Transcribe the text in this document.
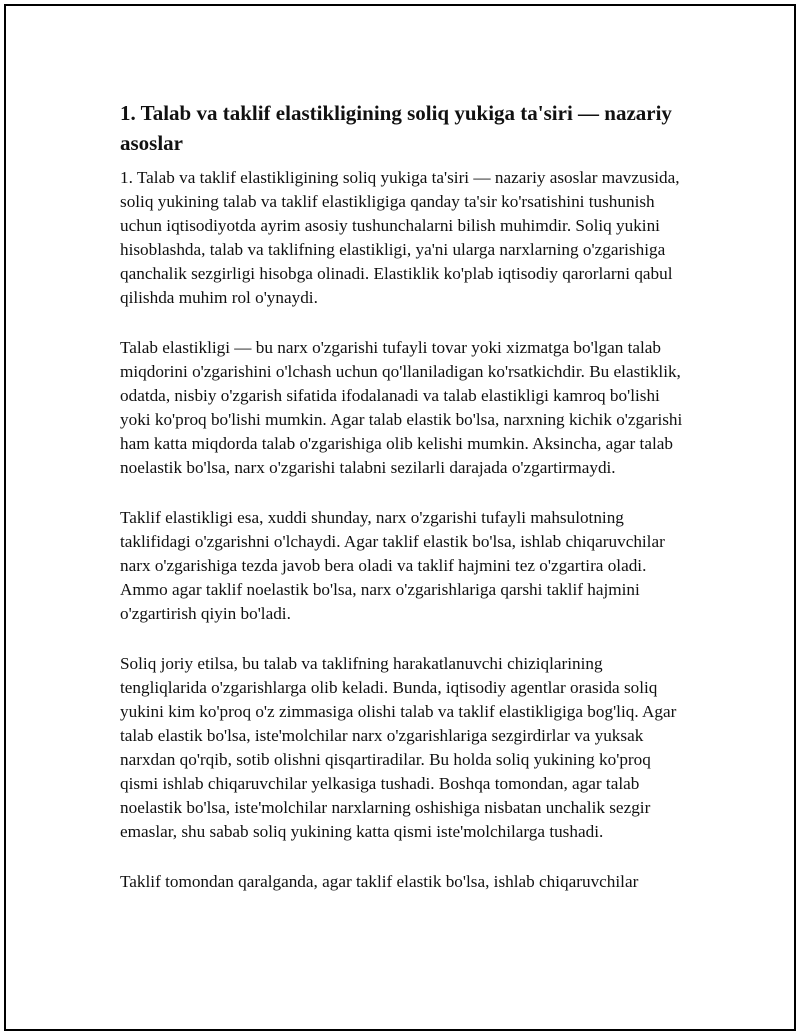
1. Talab va taklif elastikligining soliq yukiga ta'siri — nazariy asoslar

1. Talab va taklif elastikligining soliq yukiga ta'siri — nazariy asoslar mavzusida, soliq yukining talab va taklif elastikligiga qanday ta'sir ko'rsatishini tushunish uchun iqtisodiyotda ayrim asosiy tushunchalarni bilish muhimdir. Soliq yukini hisoblashda, talab va taklifning elastikligi, ya'ni ularga narxlarning o'zgarishiga qanchalik sezgirligi hisobga olinadi. Elastiklik ko'plab iqtisodiy qarorlarni qabul qilishda muhim rol o'ynaydi.

Talab elastikligi — bu narx o'zgarishi tufayli tovar yoki xizmatga bo'lgan talab miqdorini o'zgarishini o'lchash uchun qo'llaniladigan ko'rsatkichdir. Bu elastiklik, odatda, nisbiy o'zgarish sifatida ifodalanadi va talab elastikligi kamroq bo'lishi yoki ko'proq bo'lishi mumkin. Agar talab elastik bo'lsa, narxning kichik o'zgarishi ham katta miqdorda talab o'zgarishiga olib kelishi mumkin. Aksincha, agar talab noelastik bo'lsa, narx o'zgarishi talabni sezilarli darajada o'zgartirmaydi.

Taklif elastikligi esa, xuddi shunday, narx o'zgarishi tufayli mahsulotning taklifidagi o'zgarishni o'lchaydi. Agar taklif elastik bo'lsa, ishlab chiqaruvchilar narx o'zgarishiga tezda javob bera oladi va taklif hajmini tez o'zgartira oladi. Ammo agar taklif noelastik bo'lsa, narx o'zgarishlariga qarshi taklif hajmini o'zgartirish qiyin bo'ladi.

Soliq joriy etilsa, bu talab va taklifning harakatlanuvchi chiziqlarining tengliqlarida o'zgarishlarga olib keladi. Bunda, iqtisodiy agentlar orasida soliq yukini kim ko'proq o'z zimmasiga olishi talab va taklif elastikligiga bog'liq. Agar talab elastik bo'lsa, iste'molchilar narx o'zgarishlariga sezgirdirlar va yuksak narxdan qo'rqib, sotib olishni qisqartiradilar. Bu holda soliq yukining ko'proq qismi ishlab chiqaruvchilar yelkasiga tushadi. Boshqa tomondan, agar talab noelastik bo'lsa, iste'molchilar narxlarning oshishiga nisbatan unchalik sezgir emaslar, shu sabab soliq yukining katta qismi iste'molchilarga tushadi.

Taklif tomondan qaralganda, agar taklif elastik bo'lsa, ishlab chiqaruvchilar
